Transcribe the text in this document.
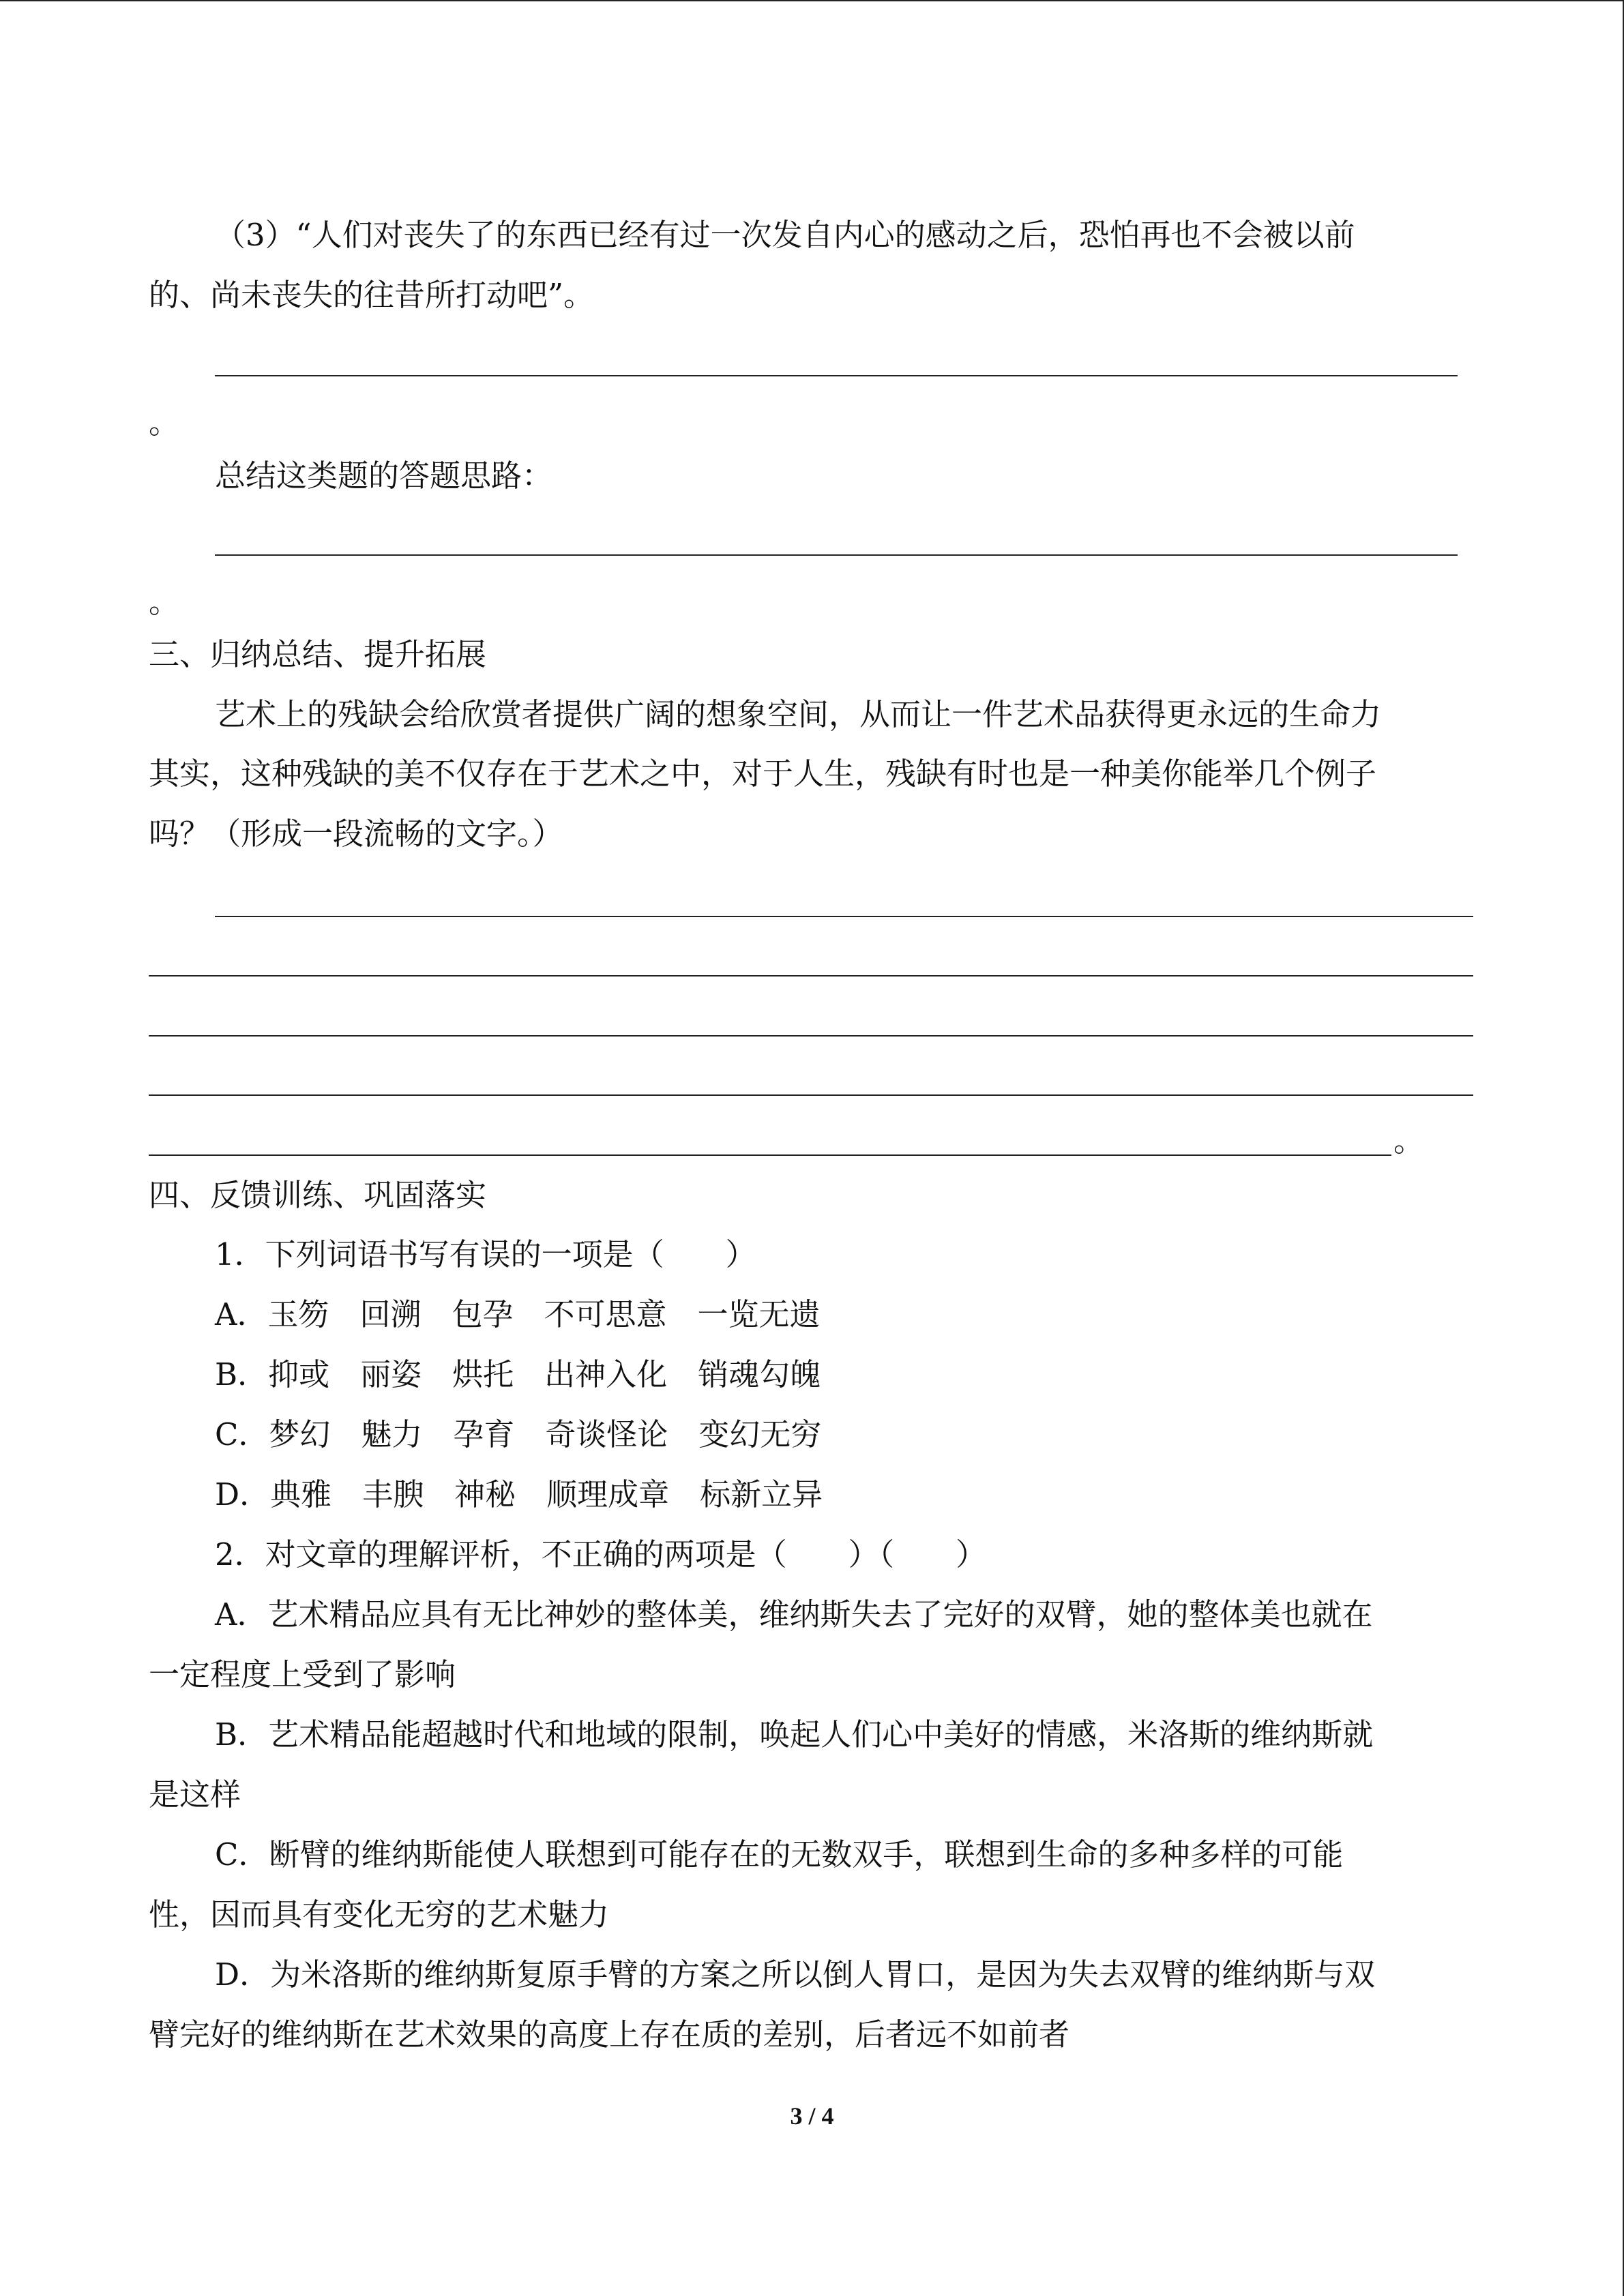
（3）“人们对丧失了的东西已经有过一次发自内心的感动之后，恐怕再也不会被以前
的、尚未丧失的往昔所打动吧”。
。
总结这类题的答题思路：
。
三、归纳总结、提升拓展
艺术上的残缺会给欣赏者提供广阔的想象空间，从而让一件艺术品获得更永远的生命力
其实，这种残缺的美不仅存在于艺术之中，对于人生，残缺有时也是一种美你能举几个例子
吗？（形成一段流畅的文字。）
。
四、反馈训练、巩固落实
1．下列词语书写有误的一项是（　　）
A．玉笏　回溯　包孕　不可思意　一览无遗
B．抑或　丽姿　烘托　出神入化　销魂勾魄
C．梦幻　魅力　孕育　奇谈怪论　变幻无穷
D．典雅　丰腴　神秘　顺理成章　标新立异
2．对文章的理解评析，不正确的两项是（　　）（　　）
A．艺术精品应具有无比神妙的整体美，维纳斯失去了完好的双臂，她的整体美也就在
一定程度上受到了影响
B．艺术精品能超越时代和地域的限制，唤起人们心中美好的情感，米洛斯的维纳斯就
是这样
C．断臂的维纳斯能使人联想到可能存在的无数双手，联想到生命的多种多样的可能
性，因而具有变化无穷的艺术魅力
D．为米洛斯的维纳斯复原手臂的方案之所以倒人胃口，是因为失去双臂的维纳斯与双
臂完好的维纳斯在艺术效果的高度上存在质的差别，后者远不如前者
3 / 4
